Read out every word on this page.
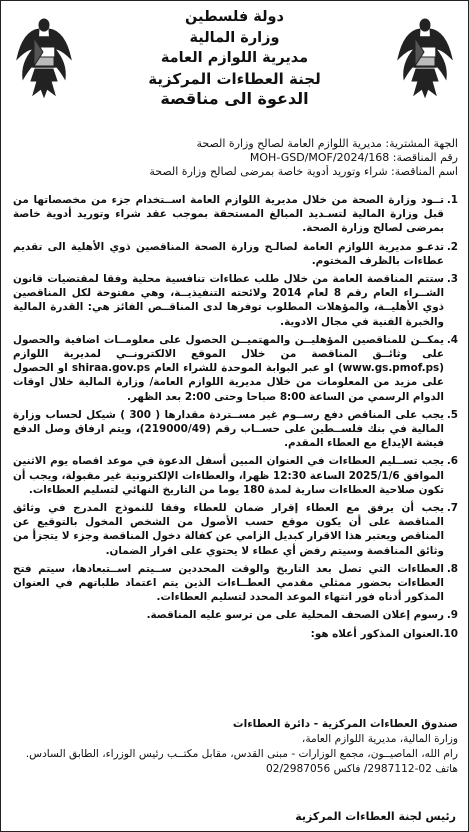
دولة فلسطين
وزارة المالية
مديرية اللوازم العامة
لجنة العطاءات المركزية
الدعوة الى مناقصة
الجهة المشترية: مديرية اللوازم العامة لصالح وزارة الصحة
رقم المناقصة: MOH-GSD/MOF/2024/168
اسم المناقصة: شراء وتوريد أدوية خاصة بمرضى لصالح وزارة الصحة
1.
تــود وزارة الصحة من خلال مديرية اللوازم العامة اســتخدام جزء من مخصصاتها من قبل وزارة المالية لتسـديد المبالغ المستحقة بموجب عقد شراء وتوريد أدوية خاصة بمرضى لصالح وزارة الصحة.
2.
تدعـو مديرية اللوازم العامة لصالـح وزارة الصحة المناقصين ذوي الأهلية الى تقديم عطاءات بالظرف المختوم.
3.
ستتم المناقصة العامة من خلال طلب عطاءات تنافسية محلية وفقا لمقتضيات قانون الشــراء العام رقم 8 لعام 2014 ولائحته التنفيذيــة، وهي مفتوحة لكل المناقصين ذوي الأهليــة، والمؤهلات المطلوب توفرها لدى المناقــص الفائز هي: القدرة المالية والخبرة الفنية في مجال الادوية.
4.
يمكــن للمناقصين المؤهليــن والمهتميــن الحصول على معلومــات اضافية والحصول على وثائــق المناقصة من خلال الموقع الالكترونــي لمديرية اللوازم (www.gs.pmof.ps) او عبر البوابة الموحدة للشراء العام shiraa.gov.ps او الحصول على مزيد من المعلومات من خلال مديرية اللوازم العامة/ وزارة المالية خلال اوقات الدوام الرسمي من الساعة 8:00 صباحا وحتى 2:00 بعد الظهر.
5.
يجب على المناقص دفع رســوم غير مســتردة مقدارها ( 300 ) شيكل لحساب وزارة المالية في بنك فلســطين على حســاب رقم (219000/49)، ويتم ارفاق وصل الدفع فيشة الإيداع مع العطاء المقدم.
6.
يجب تســليم العطاءات في العنوان المبين أسفل الدعوة في موعد اقصاه يوم الاثنين الموافق 2025/1/6 الساعة 12:30 ظهرا، والعطاءات الإلكترونية غير مقبولة، ويجب أن تكون صلاحية العطاءات سارية لمدة 180 يوما من التاريخ النهائي لتسليم العطاءات.
7.
يجب أن يرفق مع العطاء إقرار ضمان للعطاء وفقا للنموذج المدرج في وثائق المناقصة على أن يكون موقع حسب الأصول من الشخص المخول بالتوقيع عن المناقص ويعتبر هذا الاقرار كبديل الزامي عن كفالة دخول المناقصة وجزء لا يتجزأ من وثائق المناقصة وسيتم رفض أي عطاء لا يحتوي على اقرار الضمان.
8.
العطاءات التي تصل بعد التاريخ والوقت المحددين ســيتم اســتبعادها، سيتم فتح العطاءات بحضور ممثلي مقدمي العطــاءات الذين يتم اعتماد طلباتهم في العنوان المذكور أدناه فور انتهاء الموعد المحدد لتسليم العطاءات.
9.
رسوم إعلان الصحف المحلية على من ترسو عليه المناقصة.
10.
العنوان المذكور أعلاه هو:
صندوق العطاءات المركزية - دائرة العطاءات
وزارة المالية، مديرية اللوازم العامة،
رام الله، الماصيــون، مجمع الوزارات - مبنى القدس، مقابل مكتــب رئيس الوزراء، الطابق السادس.
هاتف 02-2987112/ فاكس 02/2987056
رئيس لجنة العطاءات المركزية
